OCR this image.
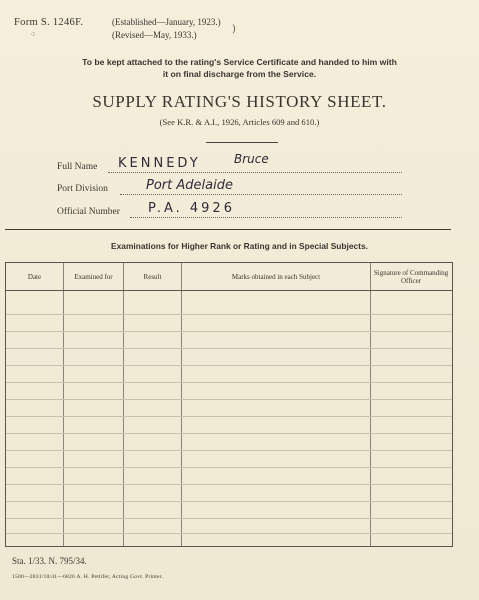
Form S. 1246F.	(Established—January, 1923.)
(Revised—May, 1933.)	)
⁘
To be kept attached to the rating's Service Certificate and handed to him with
it on final discharge from the Service.
SUPPLY RATING'S HISTORY SHEET.
(See K.R. & A.I., 1926, Articles 609 and 610.)
Full Name KENNEDY	Bruce
Port Division	Port Adelaide
Official Number P.A. 4926
Examinations for Higher Rank or Rating and in Special Subjects.
Date	Examined for	Result	Marks obtained in each Subject	Signature of Commanding Officer
Sta. 1/33. N. 795/34.
1500—2831/10/41—6826 A. H. Pettifer, Acting Govt. Printer.
